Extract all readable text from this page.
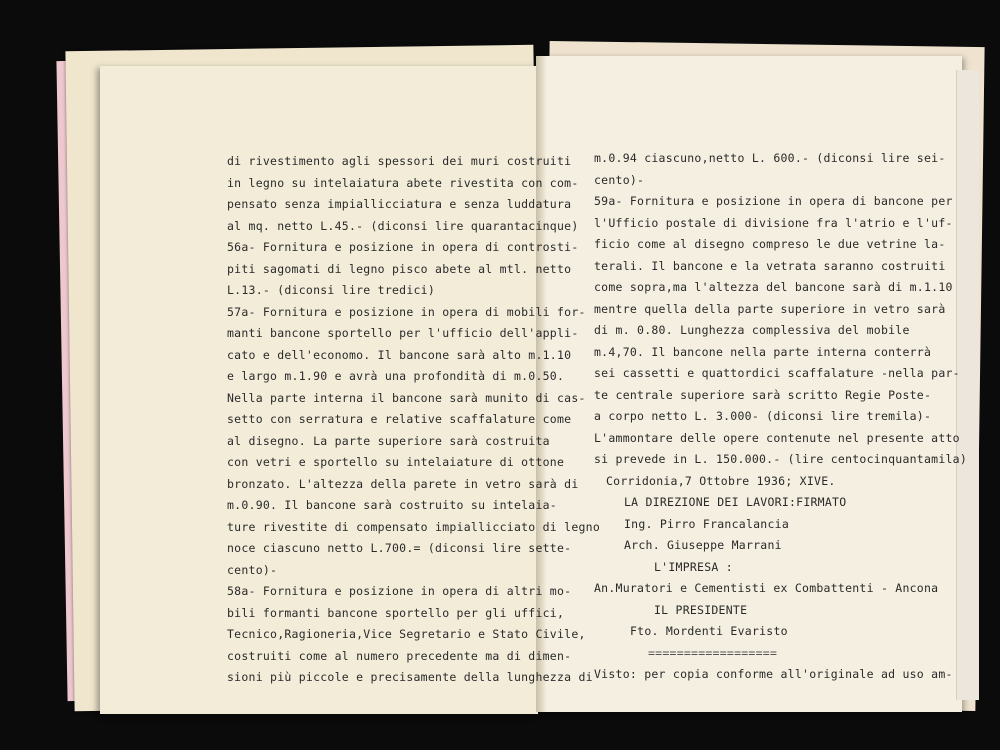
di rivestimento agli spessori dei muri costruiti
in legno su intelaiatura abete rivestita con com-
pensato senza impiallicciatura e senza luddatura
al mq. netto L.45.- (diconsi lire quarantacinque)
56a- Fornitura e posizione in opera di controsti-
piti sagomati di legno pisco abete al mtl. netto
L.13.- (diconsi lire tredici)
57a- Fornitura e posizione in opera di mobili for-
manti bancone sportello per l'ufficio dell'appli-
cato e dell'economo. Il bancone sarà alto m.1.10
e largo m.1.90 e avrà una profondità di m.0.50.
Nella parte interna il bancone sarà munito di cas-
setto con serratura e relative scaffalature come
al disegno. La parte superiore sarà costruita
con vetri e sportello su intelaiature di ottone
bronzato. L'altezza della parete in vetro sarà di
m.0.90. Il bancone sarà costruito su intelaia-
ture rivestite di compensato impiallicciato di legno
noce ciascuno netto L.700.= (diconsi lire sette-
cento)-
58a- Fornitura e posizione in opera di altri mo-
bili formanti bancone sportello per gli uffici,
Tecnico,Ragioneria,Vice Segretario e Stato Civile,
costruiti come al numero precedente ma di dimen-
sioni più piccole e precisamente della lunghezza di
m.0.94 ciascuno,netto L. 600.- (diconsi lire sei-
cento)-
59a- Fornitura e posizione in opera di bancone per
l'Ufficio postale di divisione fra l'atrio e l'uf-
ficio come al disegno compreso le due vetrine la-
terali. Il bancone e la vetrata saranno costruiti
come sopra,ma l'altezza del bancone sarà di m.1.10
mentre quella della parte superiore in vetro sarà
di m. 0.80. Lunghezza complessiva del mobile
m.4,70. Il bancone nella parte interna conterrà
sei cassetti e quattordici scaffalature -nella par-
te centrale superiore sarà scritto Regie Poste-
a corpo netto L. 3.000- (diconsi lire tremila)-
L'ammontare delle opere contenute nel presente atto
si prevede in L. 150.000.- (lire centocinquantamila)
Corridonia,7 Ottobre 1936; XIVE.
LA DIREZIONE DEI LAVORI:FIRMATO
Ing. Pirro Francalancia
Arch. Giuseppe Marrani
L'IMPRESA :
An.Muratori e Cementisti ex Combattenti - Ancona
IL PRESIDENTE
Fto. Mordenti Evaristo
==================
Visto: per copia conforme all'originale ad uso am-
